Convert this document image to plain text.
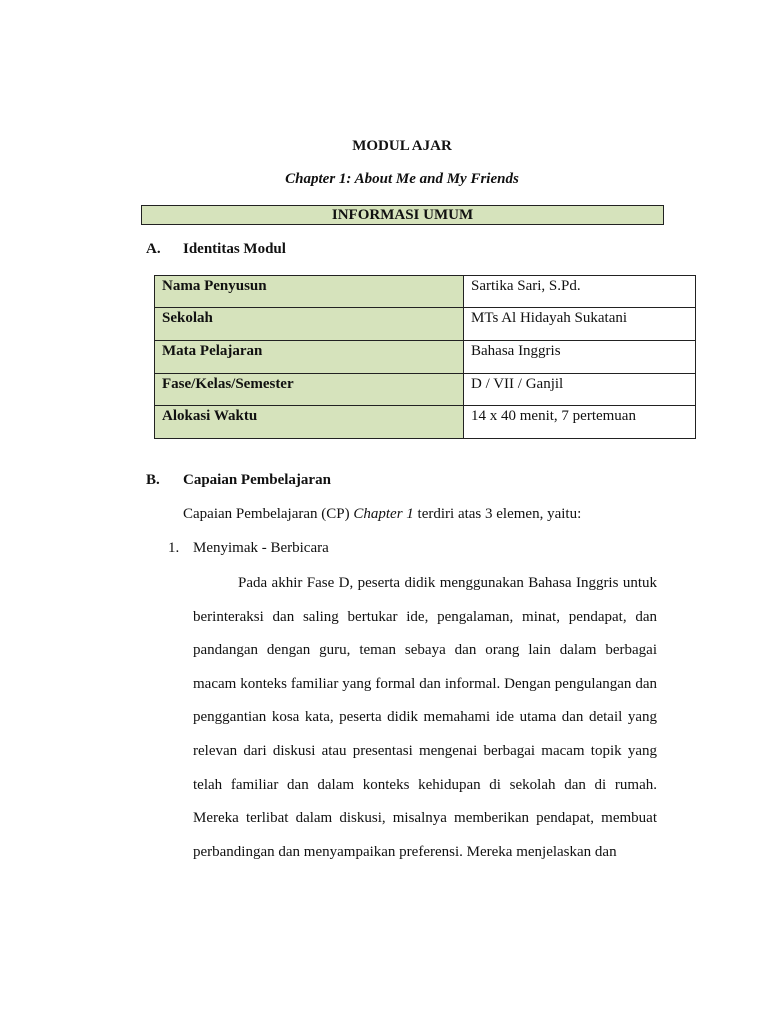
MODUL AJAR
Chapter 1: About Me and My Friends
INFORMASI UMUM
A. Identitas Modul
Nama Penyusun	Sartika Sari, S.Pd.
Sekolah	MTs Al Hidayah Sukatani
Mata Pelajaran	Bahasa Inggris
Fase/Kelas/Semester	D / VII / Ganjil
Alokasi Waktu	14 x 40 menit, 7 pertemuan
B. Capaian Pembelajaran
Capaian Pembelajaran (CP) Chapter 1 terdiri atas 3 elemen, yaitu:
1. Menyimak - Berbicara
Pada akhir Fase D, peserta didik menggunakan Bahasa Inggris untuk berinteraksi dan saling bertukar ide, pengalaman, minat, pendapat, dan pandangan dengan guru, teman sebaya dan orang lain dalam berbagai macam konteks familiar yang formal dan informal. Dengan pengulangan dan penggantian kosa kata, peserta didik memahami ide utama dan detail yang relevan dari diskusi atau presentasi mengenai berbagai macam topik yang telah familiar dan dalam konteks kehidupan di sekolah dan di rumah. Mereka terlibat dalam diskusi, misalnya memberikan pendapat, membuat perbandingan dan menyampaikan preferensi. Mereka menjelaskan dan
